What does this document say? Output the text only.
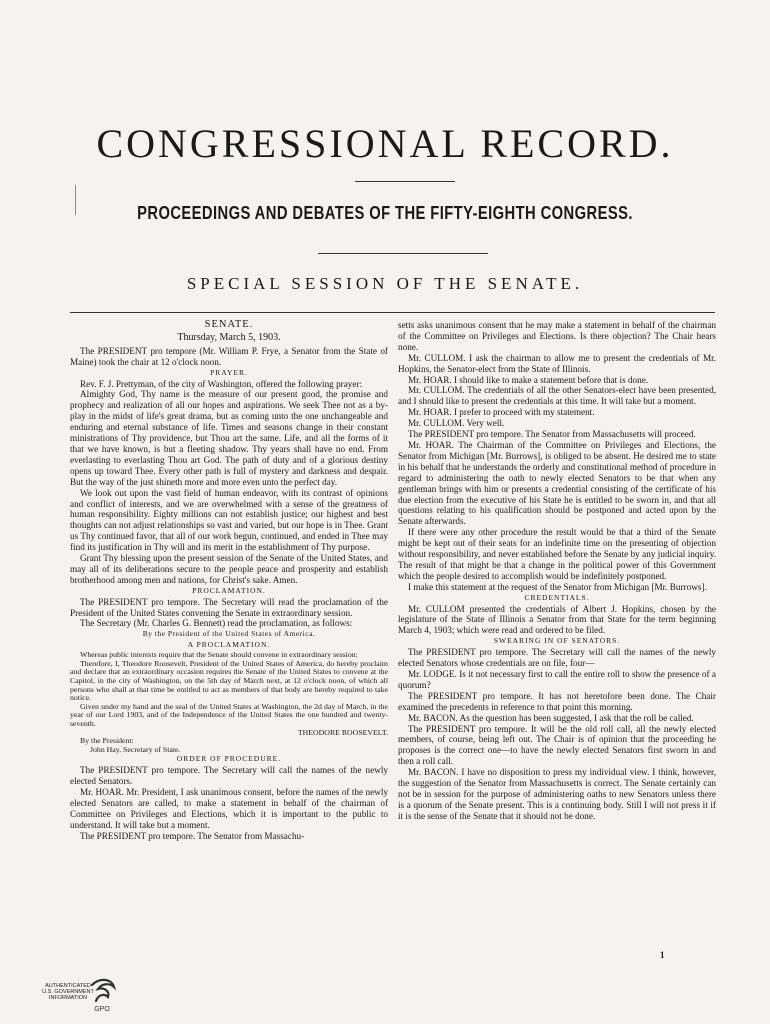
CONGRESSIONAL RECORD.
PROCEEDINGS AND DEBATES OF THE FIFTY-EIGHTH CONGRESS.
SPECIAL SESSION OF THE SENATE.

SENATE.

Thursday, March 5, 1903.

The PRESIDENT pro tempore (Mr. William P. Frye, a Senator from the State of Maine) took the chair at 12 o'clock noon.

PRAYER.

Rev. F. J. Prettyman, of the city of Washington, offered the following prayer:

Almighty God, Thy name is the measure of our present good, the promise and prophecy and realization of all our hopes and aspirations. We seek Thee not as a by-play in the midst of life's great drama, but as coming unto the one unchangeable and enduring and eternal substance of life. Times and seasons change in their constant ministrations of Thy providence, but Thou art the same. Life, and all the forms of it that we have known, is but a fleeting shadow. Thy years shall have no end. From everlasting to everlasting Thou art God. The path of duty and of a glorious destiny opens up toward Thee. Every other path is full of mystery and darkness and despair. But the way of the just shineth more and more even unto the perfect day.

We look out upon the vast field of human endeavor, with its contrast of opinions and conflict of interests, and we are overwhelmed with a sense of the greatness of human responsibility. Eighty millions can not establish justice; our highest and best thoughts can not adjust relationships so vast and varied, but our hope is in Thee. Grant us Thy continued favor, that all of our work begun, continued, and ended in Thee may find its justification in Thy will and its merit in the establishment of Thy purpose.

Grant Thy blessing upon the present session of the Senate of the United States, and may all of its deliberations secure to the people peace and prosperity and establish brotherhood among men and nations, for Christ's sake. Amen.

PROCLAMATION.

The PRESIDENT pro tempore. The Secretary will read the proclamation of the President of the United States convening the Senate in extraordinary session.

The Secretary (Mr. Charles G. Bennett) read the proclamation, as follows:

By the President of the United States of America.

A PROCLAMATION.

Whereas public interests require that the Senate should convene in extraordinary session:

Therefore, I, Theodore Roosevelt, President of the United States of America, do hereby proclaim and declare that an extraordinary occasion requires the Senate of the United States to convene at the Capitol, in the city of Washington, on the 5th day of March next, at 12 o'clock noon, of which all persons who shall at that time be entitled to act as members of that body are hereby required to take notice.

Given under my hand and the seal of the United States at Washington, the 2d day of March, in the year of our Lord 1903, and of the Independence of the United States the one hundred and twenty-seventh.

THEODORE ROOSEVELT.

By the President:

John Hay, Secretary of State.

ORDER OF PROCEDURE.

The PRESIDENT pro tempore. The Secretary will call the names of the newly elected Senators.

Mr. HOAR. Mr. President, I ask unanimous consent, before the names of the newly elected Senators are called, to make a statement in behalf of the chairman of Committee on Privileges and Elections, which it is important to the public to understand. It will take but a moment.

The PRESIDENT pro tempore. The Senator from Massachu-

setts asks unanimous consent that he may make a statement in behalf of the chairman of the Committee on Privileges and Elections. Is there objection? The Chair hears none.

Mr. CULLOM. I ask the chairman to allow me to present the credentials of Mr. Hopkins, the Senator-elect from the State of Illinois.

Mr. HOAR. I should like to make a statement before that is done.

Mr. CULLOM. The credentials of all the other Senators-elect have been presented, and I should like to present the credentials at this time. It will take but a moment.

Mr. HOAR. I prefer to proceed with my statement.

Mr. CULLOM. Very well.

The PRESIDENT pro tempore. The Senator from Massachusetts will proceed.

Mr. HOAR. The Chairman of the Committee on Privileges and Elections, the Senator from Michigan [Mr. Burrows], is obliged to be absent. He desired me to state in his behalf that he understands the orderly and constitutional method of procedure in regard to administering the oath to newly elected Senators to be that when any gentleman brings with him or presents a credential consisting of the certificate of his due election from the executive of his State he is entitled to be sworn in, and that all questions relating to his qualification should be postponed and acted upon by the Senate afterwards.

If there were any other procedure the result would be that a third of the Senate might be kept out of their seats for an indefinite time on the presenting of objection without responsibility, and never established before the Senate by any judicial inquiry. The result of that might be that a change in the political power of this Government which the people desired to accomplish would be indefinitely postponed.

I make this statement at the request of the Senator from Michigan [Mr. Burrows].

CREDENTIALS.

Mr. CULLOM presented the credentials of Albert J. Hopkins, chosen by the legislature of the State of Illinois a Senator from that State for the term beginning March 4, 1903; which were read and ordered to be filed.

SWEARING IN OF SENATORS.

The PRESIDENT pro tempore. The Secretary will call the names of the newly elected Senators whose credentials are on file, four—

Mr. LODGE. Is it not necessary first to call the entire roll to show the presence of a quorum?

The PRESIDENT pro tempore. It has not heretofore been done. The Chair examined the precedents in reference to that point this morning.

Mr. BACON. As the question has been suggested, I ask that the roll be called.

The PRESIDENT pro tempore. It will be the old roll call, all the newly elected members, of course, being left out. The Chair is of opinion that the proceeding he proposes is the correct one—to have the newly elected Senators first sworn in and then a roll call.

Mr. BACON. I have no disposition to press my individual view. I think, however, the suggestion of the Senator from Massachusetts is correct. The Senate certainly can not be in session for the purpose of administering oaths to new Senators unless there is a quorum of the Senate present. This is a continuing body. Still I will not press it if it is the sense of the Senate that it should not be done.

1
AUTHENTICATED
U.S. GOVERNMENT
INFORMATION
GPO
